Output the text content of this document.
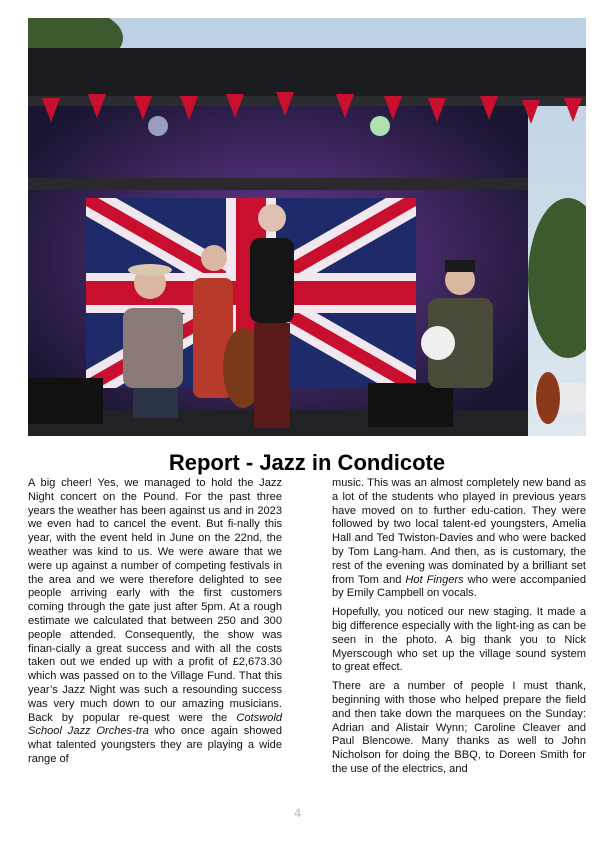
Report - Jazz in Condicote

A big cheer! Yes, we managed to hold the Jazz Night concert on the Pound. For the past three years the weather has been against us and in 2023 we even had to cancel the event. But fi-nally this year, with the event held in June on the 22nd, the weather was kind to us. We were aware that we were up against a number of competing festivals in the area and we were therefore delighted to see people arriving early with the first customers coming through the gate just after 5pm. At a rough estimate we calculated that between 250 and 300 people attended. Consequently, the show was finan-cially a great success and with all the costs taken out we ended up with a profit of £2,673.30 which was passed on to the Village Fund. That this year’s Jazz Night was such a resounding success was very much down to our amazing musicians. Back by popular re-quest were the Cotswold School Jazz Orches-tra who once again showed what talented youngsters they are playing a wide range of

music. This was an almost completely new band as a lot of the students who played in previous years have moved on to further edu-cation. They were followed by two local talent-ed youngsters, Amelia Hall and Ted Twiston-Davies and who were backed by Tom Lang-ham. And then, as is customary, the rest of the evening was dominated by a brilliant set from Tom and Hot Fingers who were accompanied by Emily Campbell on vocals.

Hopefully, you noticed our new staging. It made a big difference especially with the light-ing as can be seen in the photo. A big thank you to Nick Myerscough who set up the village sound system to great effect.

There are a number of people I must thank, beginning with those who helped prepare the field and then take down the marquees on the Sunday: Adrian and Alistair Wynn; Caroline Cleaver and Paul Blencowe. Many thanks as well to John Nicholson for doing the BBQ, to Doreen Smith for the use of the electrics, and

4
